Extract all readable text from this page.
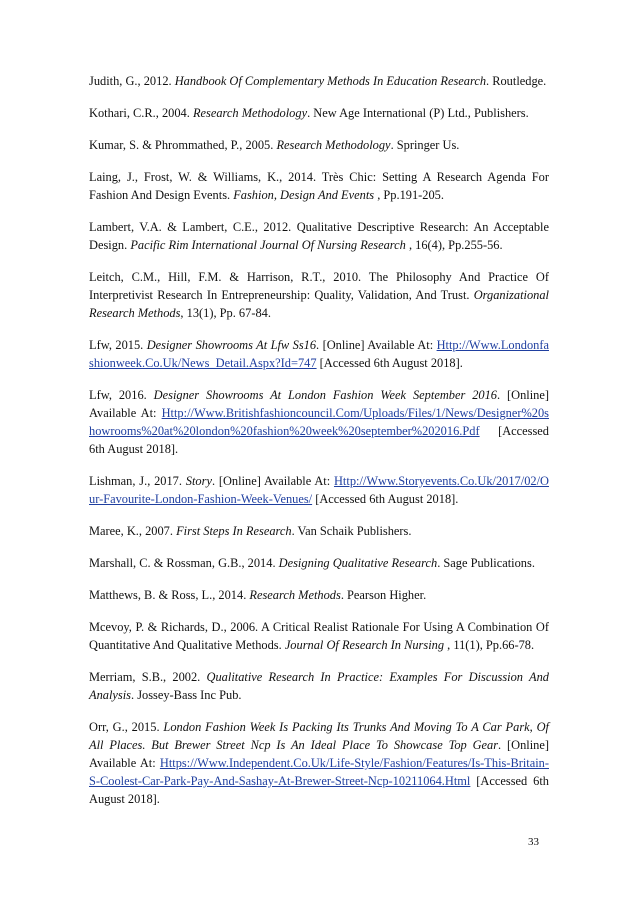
Judith, G., 2012. Handbook Of Complementary Methods In Education Research. Routledge.

Kothari, C.R., 2004. Research Methodology. New Age International (P) Ltd., Publishers.

Kumar, S. & Phrommathed, P., 2005. Research Methodology. Springer Us.

Laing, J., Frost, W. & Williams, K., 2014. Très Chic: Setting A Research Agenda For Fashion And Design Events. Fashion, Design And Events , Pp.191-205.

Lambert, V.A. & Lambert, C.E., 2012. Qualitative Descriptive Research: An Acceptable Design. Pacific Rim International Journal Of Nursing Research , 16(4), Pp.255-56.

Leitch, C.M., Hill, F.M. & Harrison, R.T., 2010. The Philosophy And Practice Of Interpretivist Research In Entrepreneurship: Quality, Validation, And Trust. Organizational Research Methods, 13(1), Pp. 67-84.

Lfw, 2015. Designer Showrooms At Lfw Ss16. [Online] Available At: Http://Www.Londonfashionweek.Co.Uk/News_Detail.Aspx?Id=747 [Accessed 6th August 2018].

Lfw, 2016. Designer Showrooms At London Fashion Week September 2016. [Online] Available At: Http://Www.Britishfashioncouncil.Com/Uploads/Files/1/News/Designer%20showrooms%20at%20london%20fashion%20week%20september%202016.Pdf [Accessed 6th August 2018].

Lishman, J., 2017. Story. [Online] Available At: Http://Www.Storyevents.Co.Uk/2017/02/Our-Favourite-London-Fashion-Week-Venues/ [Accessed 6th August 2018].

Maree, K., 2007. First Steps In Research. Van Schaik Publishers.

Marshall, C. & Rossman, G.B., 2014. Designing Qualitative Research. Sage Publications.

Matthews, B. & Ross, L., 2014. Research Methods. Pearson Higher.

Mcevoy, P. & Richards, D., 2006. A Critical Realist Rationale For Using A Combination Of Quantitative And Qualitative Methods. Journal Of Research In Nursing , 11(1), Pp.66-78.

Merriam, S.B., 2002. Qualitative Research In Practice: Examples For Discussion And Analysis. Jossey-Bass Inc Pub.

Orr, G., 2015. London Fashion Week Is Packing Its Trunks And Moving To A Car Park, Of All Places. But Brewer Street Ncp Is An Ideal Place To Showcase Top Gear. [Online] Available At: Https://Www.Independent.Co.Uk/Life-Style/Fashion/Features/Is-This-Britain-S-Coolest-Car-Park-Pay-And-Sashay-At-Brewer-Street-Ncp-10211064.Html [Accessed 6th August 2018].

33
